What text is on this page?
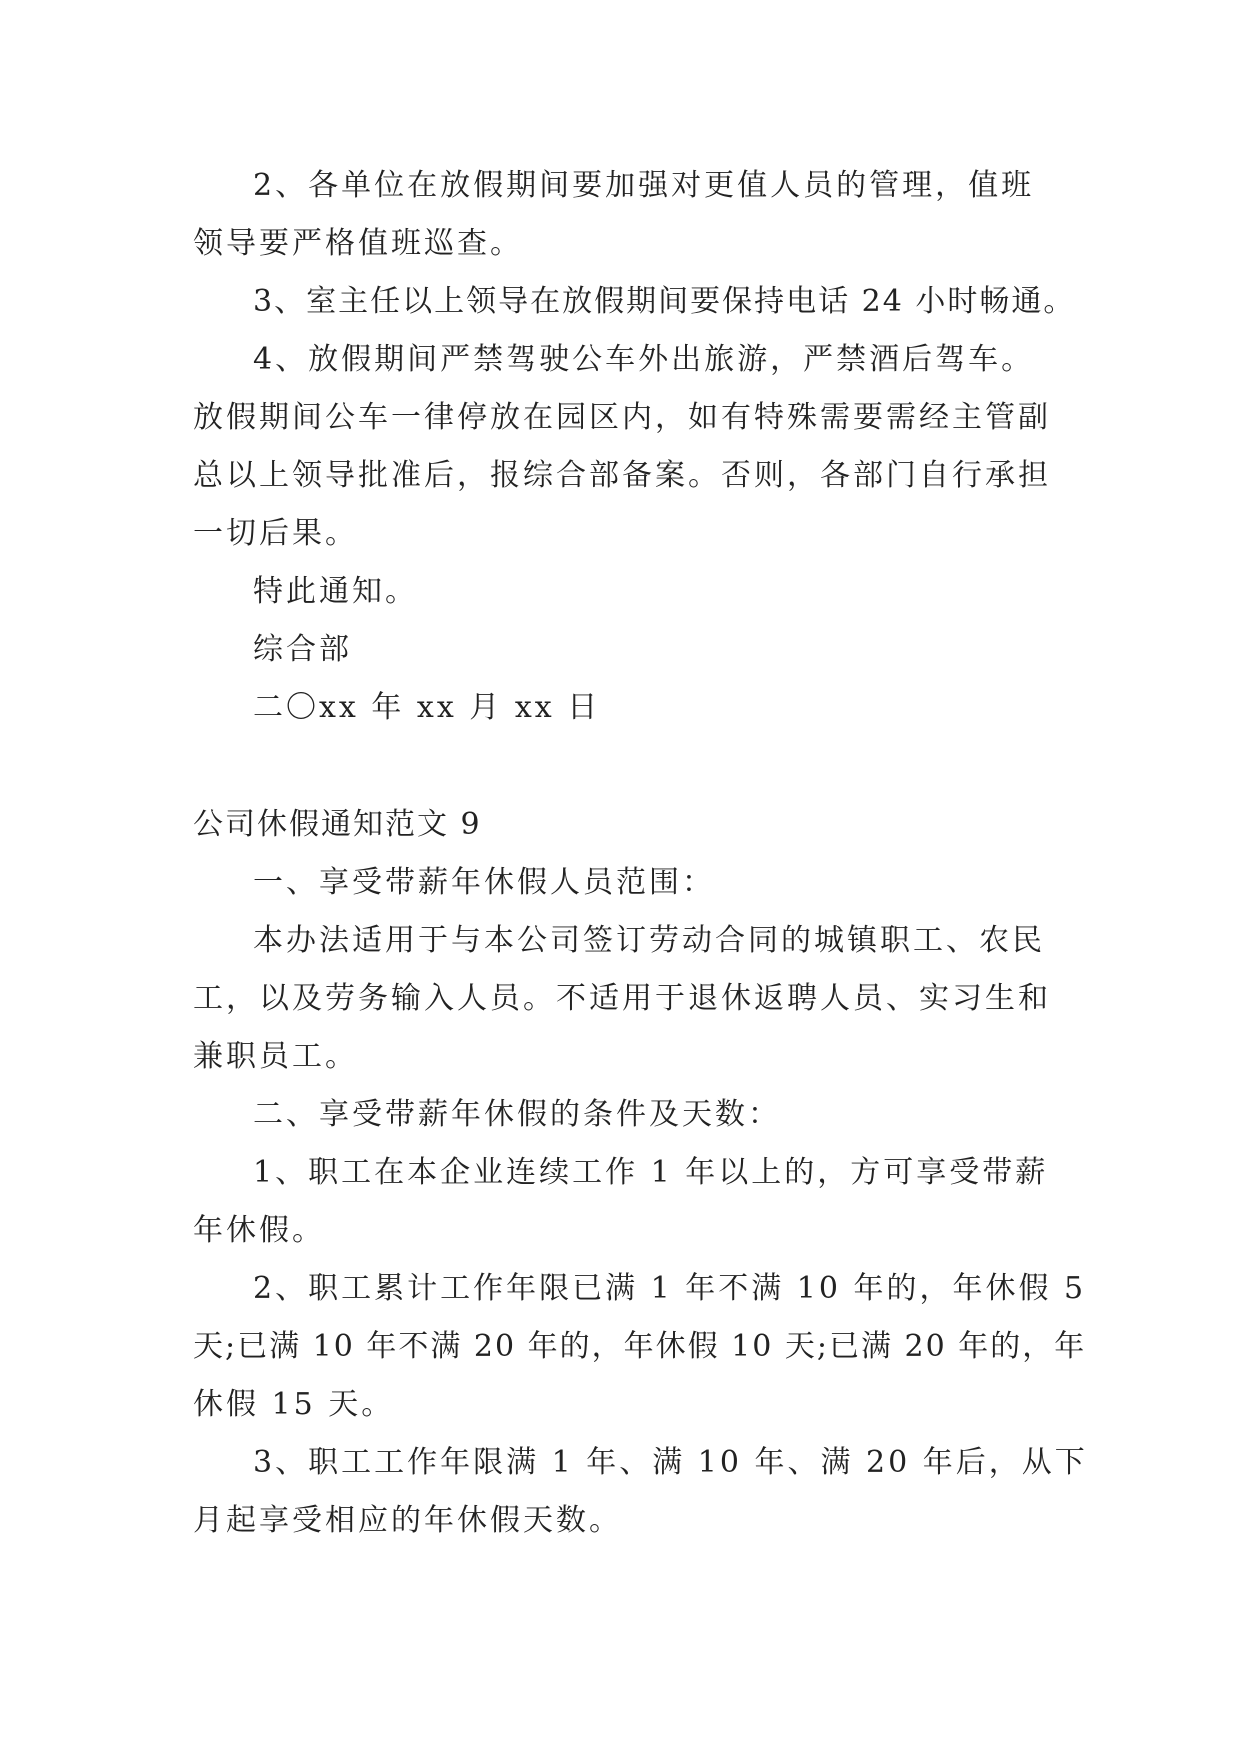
2、各单位在放假期间要加强对更值人员的管理，值班

领导要严格值班巡查。

3、室主任以上领导在放假期间要保持电话 24 小时畅通。

4、放假期间严禁驾驶公车外出旅游，严禁酒后驾车。

放假期间公车一律停放在园区内，如有特殊需要需经主管副

总以上领导批准后，报综合部备案。否则，各部门自行承担

一切后果。

特此通知。

综合部

二〇xx 年 xx 月 xx 日

公司休假通知范文 9

一、享受带薪年休假人员范围：

本办法适用于与本公司签订劳动合同的城镇职工、农民

工，以及劳务输入人员。不适用于退休返聘人员、实习生和

兼职员工。

二、享受带薪年休假的条件及天数：

1、职工在本企业连续工作 1 年以上的，方可享受带薪

年休假。

2、职工累计工作年限已满 1 年不满 10 年的，年休假 5

天;已满 10 年不满 20 年的，年休假 10 天;已满 20 年的，年

休假 15 天。

3、职工工作年限满 1 年、满 10 年、满 20 年后，从下

月起享受相应的年休假天数。
